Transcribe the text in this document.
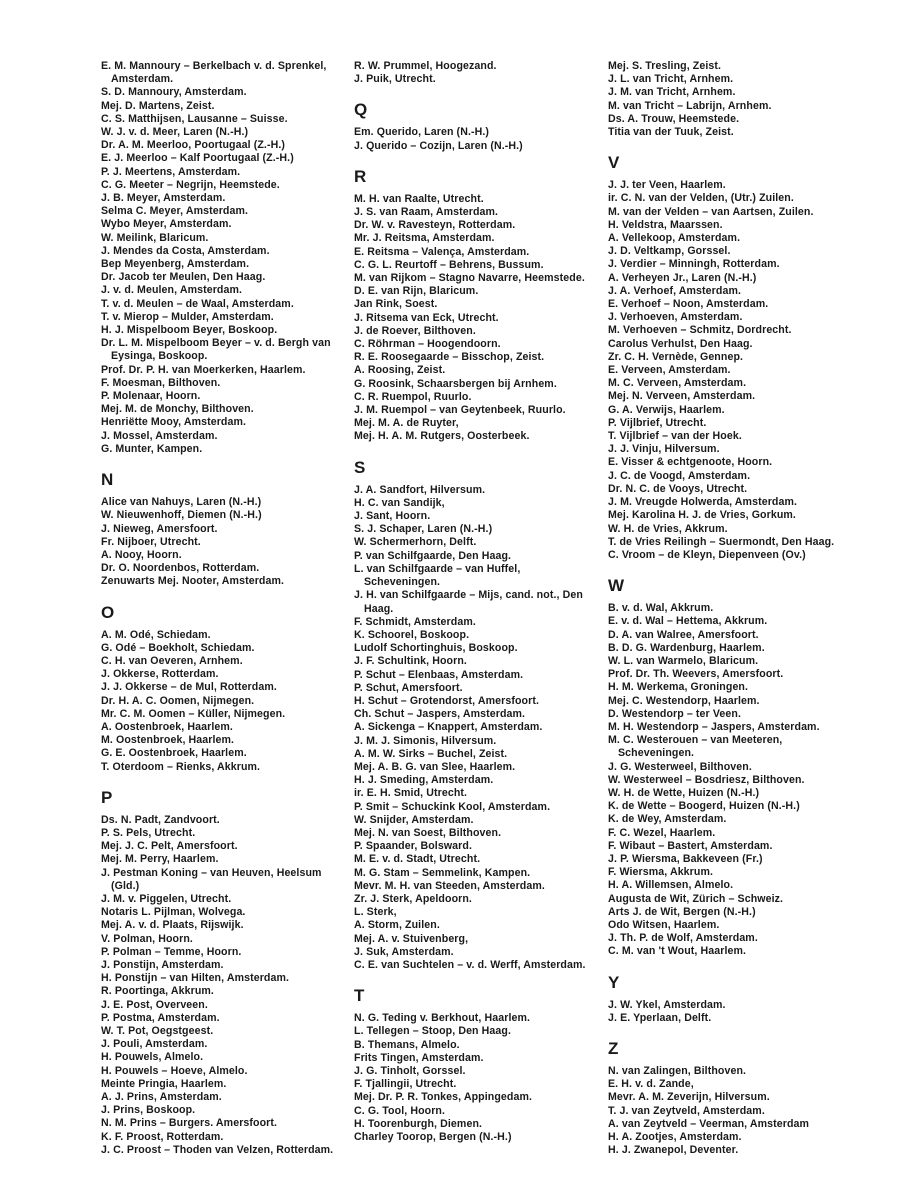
E. M. Mannoury – Berkelbach v. d. Sprenkel, Amsterdam.
S. D. Mannoury, Amsterdam.
Mej. D. Martens, Zeist.
C. S. Matthijsen, Lausanne – Suisse.
W. J. v. d. Meer, Laren (N.-H.)
Dr. A. M. Meerloo, Poortugaal (Z.-H.)
E. J. Meerloo – Kalf Poortugaal (Z.-H.)
P. J. Meertens, Amsterdam.
C. G. Meeter – Negrijn, Heemstede.
J. B. Meyer, Amsterdam.
Selma C. Meyer, Amsterdam.
Wybo Meyer, Amsterdam.
W. Meilink, Blaricum.
J. Mendes da Costa, Amsterdam.
Bep Meyenberg, Amsterdam.
Dr. Jacob ter Meulen, Den Haag.
J. v. d. Meulen, Amsterdam.
T. v. d. Meulen – de Waal, Amsterdam.
T. v. Mierop – Mulder, Amsterdam.
H. J. Mispelboom Beyer, Boskoop.
Dr. L. M. Mispelboom Beyer – v. d. Bergh van Eysinga, Boskoop.
Prof. Dr. P. H. van Moerkerken, Haarlem.
F. Moesman, Bilthoven.
P. Molenaar, Hoorn.
Mej. M. de Monchy, Bilthoven.
Henriëtte Mooy, Amsterdam.
J. Mossel, Amsterdam.
G. Munter, Kampen.
N
Alice van Nahuys, Laren (N.-H.)
W. Nieuwenhoff, Diemen (N.-H.)
J. Nieweg, Amersfoort.
Fr. Nijboer, Utrecht.
A. Nooy, Hoorn.
Dr. O. Noordenbos, Rotterdam.
Zenuwarts Mej. Nooter, Amsterdam.
O
A. M. Odé, Schiedam.
G. Odé – Boekholt, Schiedam.
C. H. van Oeveren, Arnhem.
J. Okkerse, Rotterdam.
J. J. Okkerse – de Mul, Rotterdam.
Dr. H. A. C. Oomen, Nijmegen.
Mr. C. M. Oomen – Küller, Nijmegen.
A. Oostenbroek, Haarlem.
M. Oostenbroek, Haarlem.
G. E. Oostenbroek, Haarlem.
T. Oterdoom – Rienks, Akkrum.
P
Ds. N. Padt, Zandvoort.
P. S. Pels, Utrecht.
Mej. J. C. Pelt, Amersfoort.
Mej. M. Perry, Haarlem.
J. Pestman Koning – van Heuven, Heelsum (Gld.)
J. M. v. Piggelen, Utrecht.
Notaris L. Pijlman, Wolvega.
Mej. A. v. d. Plaats, Rijswijk.
V. Polman, Hoorn.
P. Polman – Temme, Hoorn.
J. Ponstijn, Amsterdam.
H. Ponstijn – van Hilten, Amsterdam.
R. Poortinga, Akkrum.
J. E. Post, Overveen.
P. Postma, Amsterdam.
W. T. Pot, Oegstgeest.
J. Pouli, Amsterdam.
H. Pouwels, Almelo.
H. Pouwels – Hoeve, Almelo.
Meinte Pringia, Haarlem.
A. J. Prins, Amsterdam.
J. Prins, Boskoop.
N. M. Prins – Burgers. Amersfoort.
K. F. Proost, Rotterdam.
J. C. Proost – Thoden van Velzen, Rotterdam.
R. W. Prummel, Hoogezand.
J. Puik, Utrecht.
Q
Em. Querido, Laren (N.-H.)
J. Querido – Cozijn, Laren (N.-H.)
R
M. H. van Raalte, Utrecht.
J. S. van Raam, Amsterdam.
Dr. W. v. Ravesteyn, Rotterdam.
Mr. J. Reitsma, Amsterdam.
E. Reitsma – Valença, Amsterdam.
C. G. L. Reurtoff – Behrens, Bussum.
M. van Rijkom – Stagno Navarre, Heemstede.
D. E. van Rijn, Blaricum.
Jan Rink, Soest.
J. Ritsema van Eck, Utrecht.
J. de Roever, Bilthoven.
C. Röhrman – Hoogendoorn.
R. E. Roosegaarde – Bisschop, Zeist.
A. Roosing, Zeist.
G. Roosink, Schaarsbergen bij Arnhem.
C. R. Ruempol, Ruurlo.
J. M. Ruempol – van Geytenbeek, Ruurlo.
Mej. M. A. de Ruyter,
Mej. H. A. M. Rutgers, Oosterbeek.
S
J. A. Sandfort, Hilversum.
H. C. van Sandijk,
J. Sant, Hoorn.
S. J. Schaper, Laren (N.-H.)
W. Schermerhorn, Delft.
P. van Schilfgaarde, Den Haag.
L. van Schilfgaarde – van Huffel, Scheveningen.
J. H. van Schilfgaarde – Mijs, cand. not., Den Haag.
F. Schmidt, Amsterdam.
K. Schoorel, Boskoop.
Ludolf Schortinghuis, Boskoop.
J. F. Schultink, Hoorn.
P. Schut – Elenbaas, Amsterdam.
P. Schut, Amersfoort.
H. Schut – Grotendorst, Amersfoort.
Ch. Schut – Jaspers, Amsterdam.
A. Sickenga – Knappert, Amsterdam.
J. M. J. Simonis, Hilversum.
A. M. W. Sirks – Buchel, Zeist.
Mej. A. B. G. van Slee, Haarlem.
H. J. Smeding, Amsterdam.
ir. E. H. Smid, Utrecht.
P. Smit – Schuckink Kool, Amsterdam.
W. Snijder, Amsterdam.
Mej. N. van Soest, Bilthoven.
P. Spaander, Bolsward.
M. E. v. d. Stadt, Utrecht.
M. G. Stam – Semmelink, Kampen.
Mevr. M. H. van Steeden, Amsterdam.
Zr. J. Sterk, Apeldoorn.
L. Sterk,
A. Storm, Zuilen.
Mej. A. v. Stuivenberg,
J. Suk, Amsterdam.
C. E. van Suchtelen – v. d. Werff, Amsterdam.
T
N. G. Teding v. Berkhout, Haarlem.
L. Tellegen – Stoop, Den Haag.
B. Themans, Almelo.
Frits Tingen, Amsterdam.
J. G. Tinholt, Gorssel.
F. Tjallingii, Utrecht.
Mej. Dr. P. R. Tonkes, Appingedam.
C. G. Tool, Hoorn.
H. Toorenburgh, Diemen.
Charley Toorop, Bergen (N.-H.)
Mej. S. Tresling, Zeist.
J. L. van Tricht, Arnhem.
J. M. van Tricht, Arnhem.
M. van Tricht – Labrijn, Arnhem.
Ds. A. Trouw, Heemstede.
Titia van der Tuuk, Zeist.
V
J. J. ter Veen, Haarlem.
ir. C. N. van der Velden, (Utr.) Zuilen.
M. van der Velden – van Aartsen, Zuilen.
H. Veldstra, Maarssen.
A. Vellekoop, Amsterdam.
J. D. Veltkamp, Gorssel.
J. Verdier – Minningh, Rotterdam.
A. Verheyen Jr., Laren (N.-H.)
J. A. Verhoef, Amsterdam.
E. Verhoef – Noon, Amsterdam.
J. Verhoeven, Amsterdam.
M. Verhoeven – Schmitz, Dordrecht.
Carolus Verhulst, Den Haag.
Zr. C. H. Vernède, Gennep.
E. Verveen, Amsterdam.
M. C. Verveen, Amsterdam.
Mej. N. Verveen, Amsterdam.
G. A. Verwijs, Haarlem.
P. Vijlbrief, Utrecht.
T. Vijlbrief – van der Hoek.
J. J. Vinju, Hilversum.
E. Visser & echtgenoote, Hoorn.
J. C. de Voogd, Amsterdam.
Dr. N. C. de Vooys, Utrecht.
J. M. Vreugde Holwerda, Amsterdam.
Mej. Karolina H. J. de Vries, Gorkum.
W. H. de Vries, Akkrum.
T. de Vries Reilingh – Suermondt, Den Haag.
C. Vroom – de Kleyn, Diepenveen (Ov.)
W
B. v. d. Wal, Akkrum.
E. v. d. Wal – Hettema, Akkrum.
D. A. van Walree, Amersfoort.
B. D. G. Wardenburg, Haarlem.
W. L. van Warmelo, Blaricum.
Prof. Dr. Th. Weevers, Amersfoort.
H. M. Werkema, Groningen.
Mej. C. Westendorp, Haarlem.
D. Westendorp – ter Veen.
M. H. Westendorp – Jaspers, Amsterdam.
M. C. Westerouen – van Meeteren, Scheveningen.
J. G. Westerweel, Bilthoven.
W. Westerweel – Bosdriesz, Bilthoven.
W. H. de Wette, Huizen (N.-H.)
K. de Wette – Boogerd, Huizen (N.-H.)
K. de Wey, Amsterdam.
F. C. Wezel, Haarlem.
F. Wibaut – Bastert, Amsterdam.
J. P. Wiersma, Bakkeveen (Fr.)
F. Wiersma, Akkrum.
H. A. Willemsen, Almelo.
Augusta de Wit, Zürich – Schweiz.
Arts J. de Wit, Bergen (N.-H.)
Odo Witsen, Haarlem.
J. Th. P. de Wolf, Amsterdam.
C. M. van 't Wout, Haarlem.
Y
J. W. Ykel, Amsterdam.
J. E. Yperlaan, Delft.
Z
N. van Zalingen, Bilthoven.
E. H. v. d. Zande,
Mevr. A. M. Zeverijn, Hilversum.
T. J. van Zeytveld, Amsterdam.
A. van Zeytveld – Veerman, Amsterdam
H. A. Zootjes, Amsterdam.
H. J. Zwanepol, Deventer.
